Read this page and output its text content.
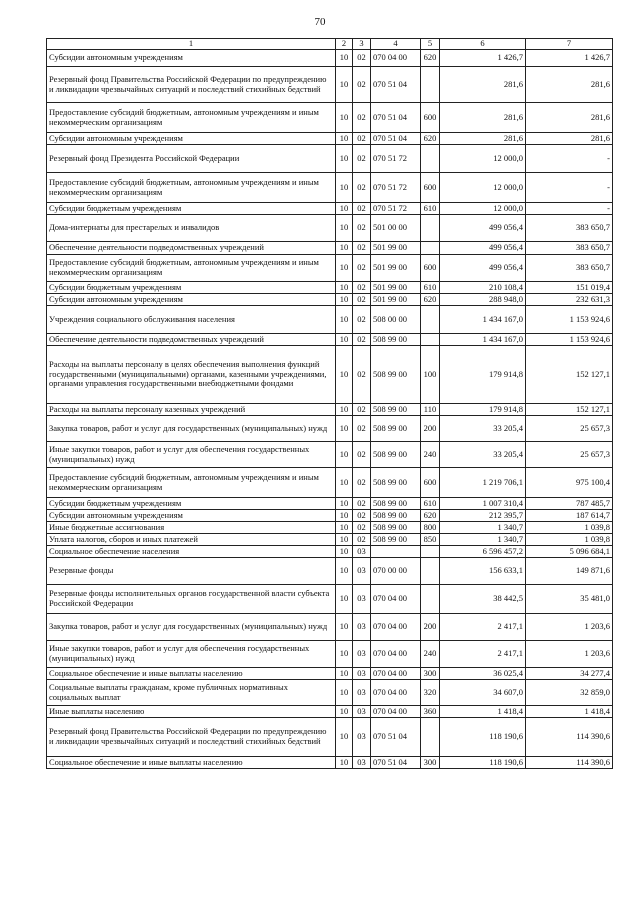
70
1	2	3	4	5	6	7
Субсидии автономным учреждениям	10	02	070 04 00	620	1 426,7	1 426,7
Резервный фонд Правительства Российской Федерации по предупреждению и ликвидации чрезвычайных ситуаций и последствий стихийных бедствий	10	02	070 51 04		281,6	281,6
Предоставление субсидий бюджетным, автономным учреждениям и иным некоммерческим организациям	10	02	070 51 04	600	281,6	281,6
Субсидии автономным учреждениям	10	02	070 51 04	620	281,6	281,6
Резервный фонд Президента Российской Федерации	10	02	070 51 72		12 000,0	-
Предоставление субсидий бюджетным, автономным учреждениям и иным некоммерческим организациям	10	02	070 51 72	600	12 000,0	-
Субсидии бюджетным учреждениям	10	02	070 51 72	610	12 000,0	-
Дома-интернаты для престарелых и инвалидов	10	02	501 00 00		499 056,4	383 650,7
Обеспечение деятельности подведомственных учреждений	10	02	501 99 00		499 056,4	383 650,7
Предоставление субсидий бюджетным, автономным учреждениям и иным некоммерческим организациям	10	02	501 99 00	600	499 056,4	383 650,7
Субсидии бюджетным учреждениям	10	02	501 99 00	610	210 108,4	151 019,4
Субсидии автономным учреждениям	10	02	501 99 00	620	288 948,0	232 631,3
Учреждения социального обслуживания населения	10	02	508 00 00		1 434 167,0	1 153 924,6
Обеспечение деятельности подведомственных учреждений	10	02	508 99 00		1 434 167,0	1 153 924,6
Расходы на выплаты персоналу в целях обеспечения выполнения функций государственными (муниципальными) органами, казенными учреждениями, органами управления государственными внебюджетными фондами	10	02	508 99 00	100	179 914,8	152 127,1
Расходы на выплаты персоналу казенных учреждений	10	02	508 99 00	110	179 914,8	152 127,1
Закупка товаров, работ и услуг для государственных (муниципальных) нужд	10	02	508 99 00	200	33 205,4	25 657,3
Иные закупки товаров, работ и услуг для обеспечения государственных (муниципальных) нужд	10	02	508 99 00	240	33 205,4	25 657,3
Предоставление субсидий бюджетным, автономным учреждениям и иным некоммерческим организациям	10	02	508 99 00	600	1 219 706,1	975 100,4
Субсидии бюджетным учреждениям	10	02	508 99 00	610	1 007 310,4	787 485,7
Субсидии автономным учреждениям	10	02	508 99 00	620	212 395,7	187 614,7
Иные бюджетные ассигнования	10	02	508 99 00	800	1 340,7	1 039,8
Уплата налогов, сборов и иных платежей	10	02	508 99 00	850	1 340,7	1 039,8
Социальное обеспечение населения	10	03			6 596 457,2	5 096 684,1
Резервные фонды	10	03	070 00 00		156 633,1	149 871,6
Резервные фонды исполнительных органов государственной власти субъекта Российской Федерации	10	03	070 04 00		38 442,5	35 481,0
Закупка товаров, работ и услуг для государственных (муниципальных) нужд	10	03	070 04 00	200	2 417,1	1 203,6
Иные закупки товаров, работ и услуг для обеспечения государственных (муниципальных) нужд	10	03	070 04 00	240	2 417,1	1 203,6
Социальное обеспечение и иные выплаты населению	10	03	070 04 00	300	36 025,4	34 277,4
Социальные выплаты гражданам, кроме публичных нормативных социальных выплат	10	03	070 04 00	320	34 607,0	32 859,0
Иные выплаты населению	10	03	070 04 00	360	1 418,4	1 418,4
Резервный фонд Правительства Российской Федерации по предупреждению и ликвидации чрезвычайных ситуаций и последствий стихийных бедствий	10	03	070 51 04		118 190,6	114 390,6
Социальное обеспечение и иные выплаты населению	10	03	070 51 04	300	118 190,6	114 390,6
